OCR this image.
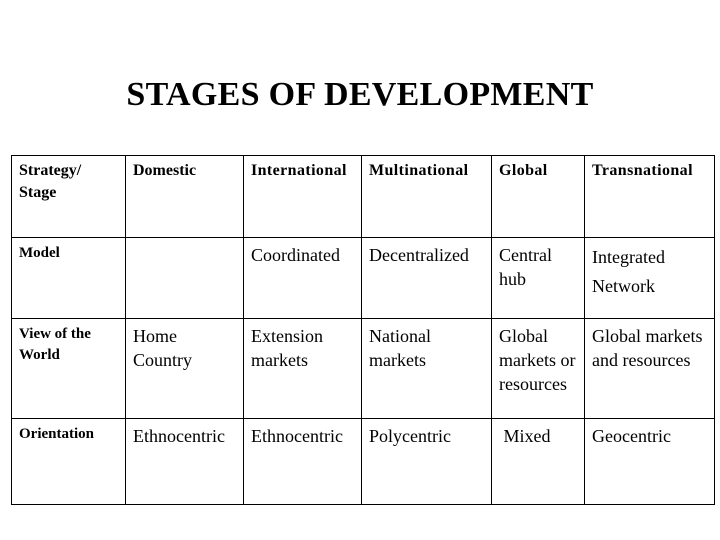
STAGES OF DEVELOPMENT
Strategy/ Stage	Domestic	International	Multinational	Global	Transnational
Model		Coordinated	Decentralized	Central hub	Integrated Network
View of the World	Home Country	Extension markets	National markets	Global markets or resources	Global markets and resources
Orientation	Ethnocentric	Ethnocentric	Polycentric	Mixed	Geocentric
